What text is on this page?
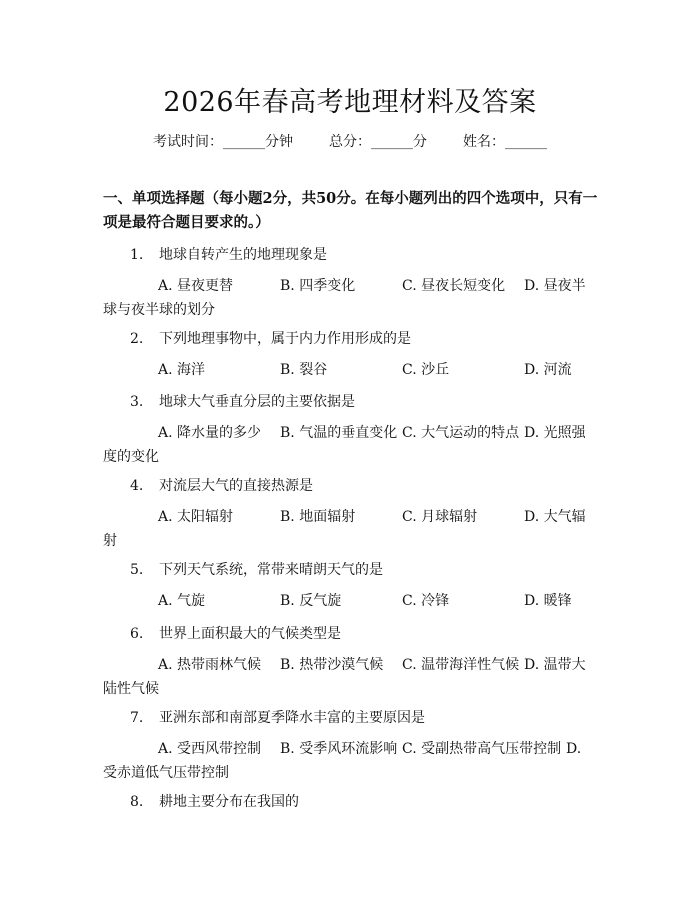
2026年春高考地理材料及答案
考试时间：______分钟	总分：______分	姓名：______
一、单项选择题（每小题2分，共50分。在每小题列出的四个选项中，只有一项是最符合题目要求的。）
1. 地球自转产生的地理现象是
A. 昼夜更替	B. 四季变化	C. 昼夜长短变化 D. 昼夜半
球与夜半球的划分
2. 下列地理事物中，属于内力作用形成的是
A. 海洋	B. 裂谷	C. 沙丘	D. 河流
3. 地球大气垂直分层的主要依据是
A. 降水量的多少 B. 气温的垂直变化 C. 大气运动的特点 D. 光照强
度的变化
4. 对流层大气的直接热源是
A. 太阳辐射	B. 地面辐射	C. 月球辐射	D. 大气辐
射
5. 下列天气系统，常带来晴朗天气的是
A. 气旋	B. 反气旋	C. 冷锋	D. 暖锋
6. 世界上面积最大的气候类型是
A. 热带雨林气候 B. 热带沙漠气候 C. 温带海洋性气候 D. 温带大
陆性气候
7. 亚洲东部和南部夏季降水丰富的主要原因是
A. 受西风带控制 B. 受季风环流影响 C. 受副热带高气压带控制 D.
受赤道低气压带控制
8. 耕地主要分布在我国的
